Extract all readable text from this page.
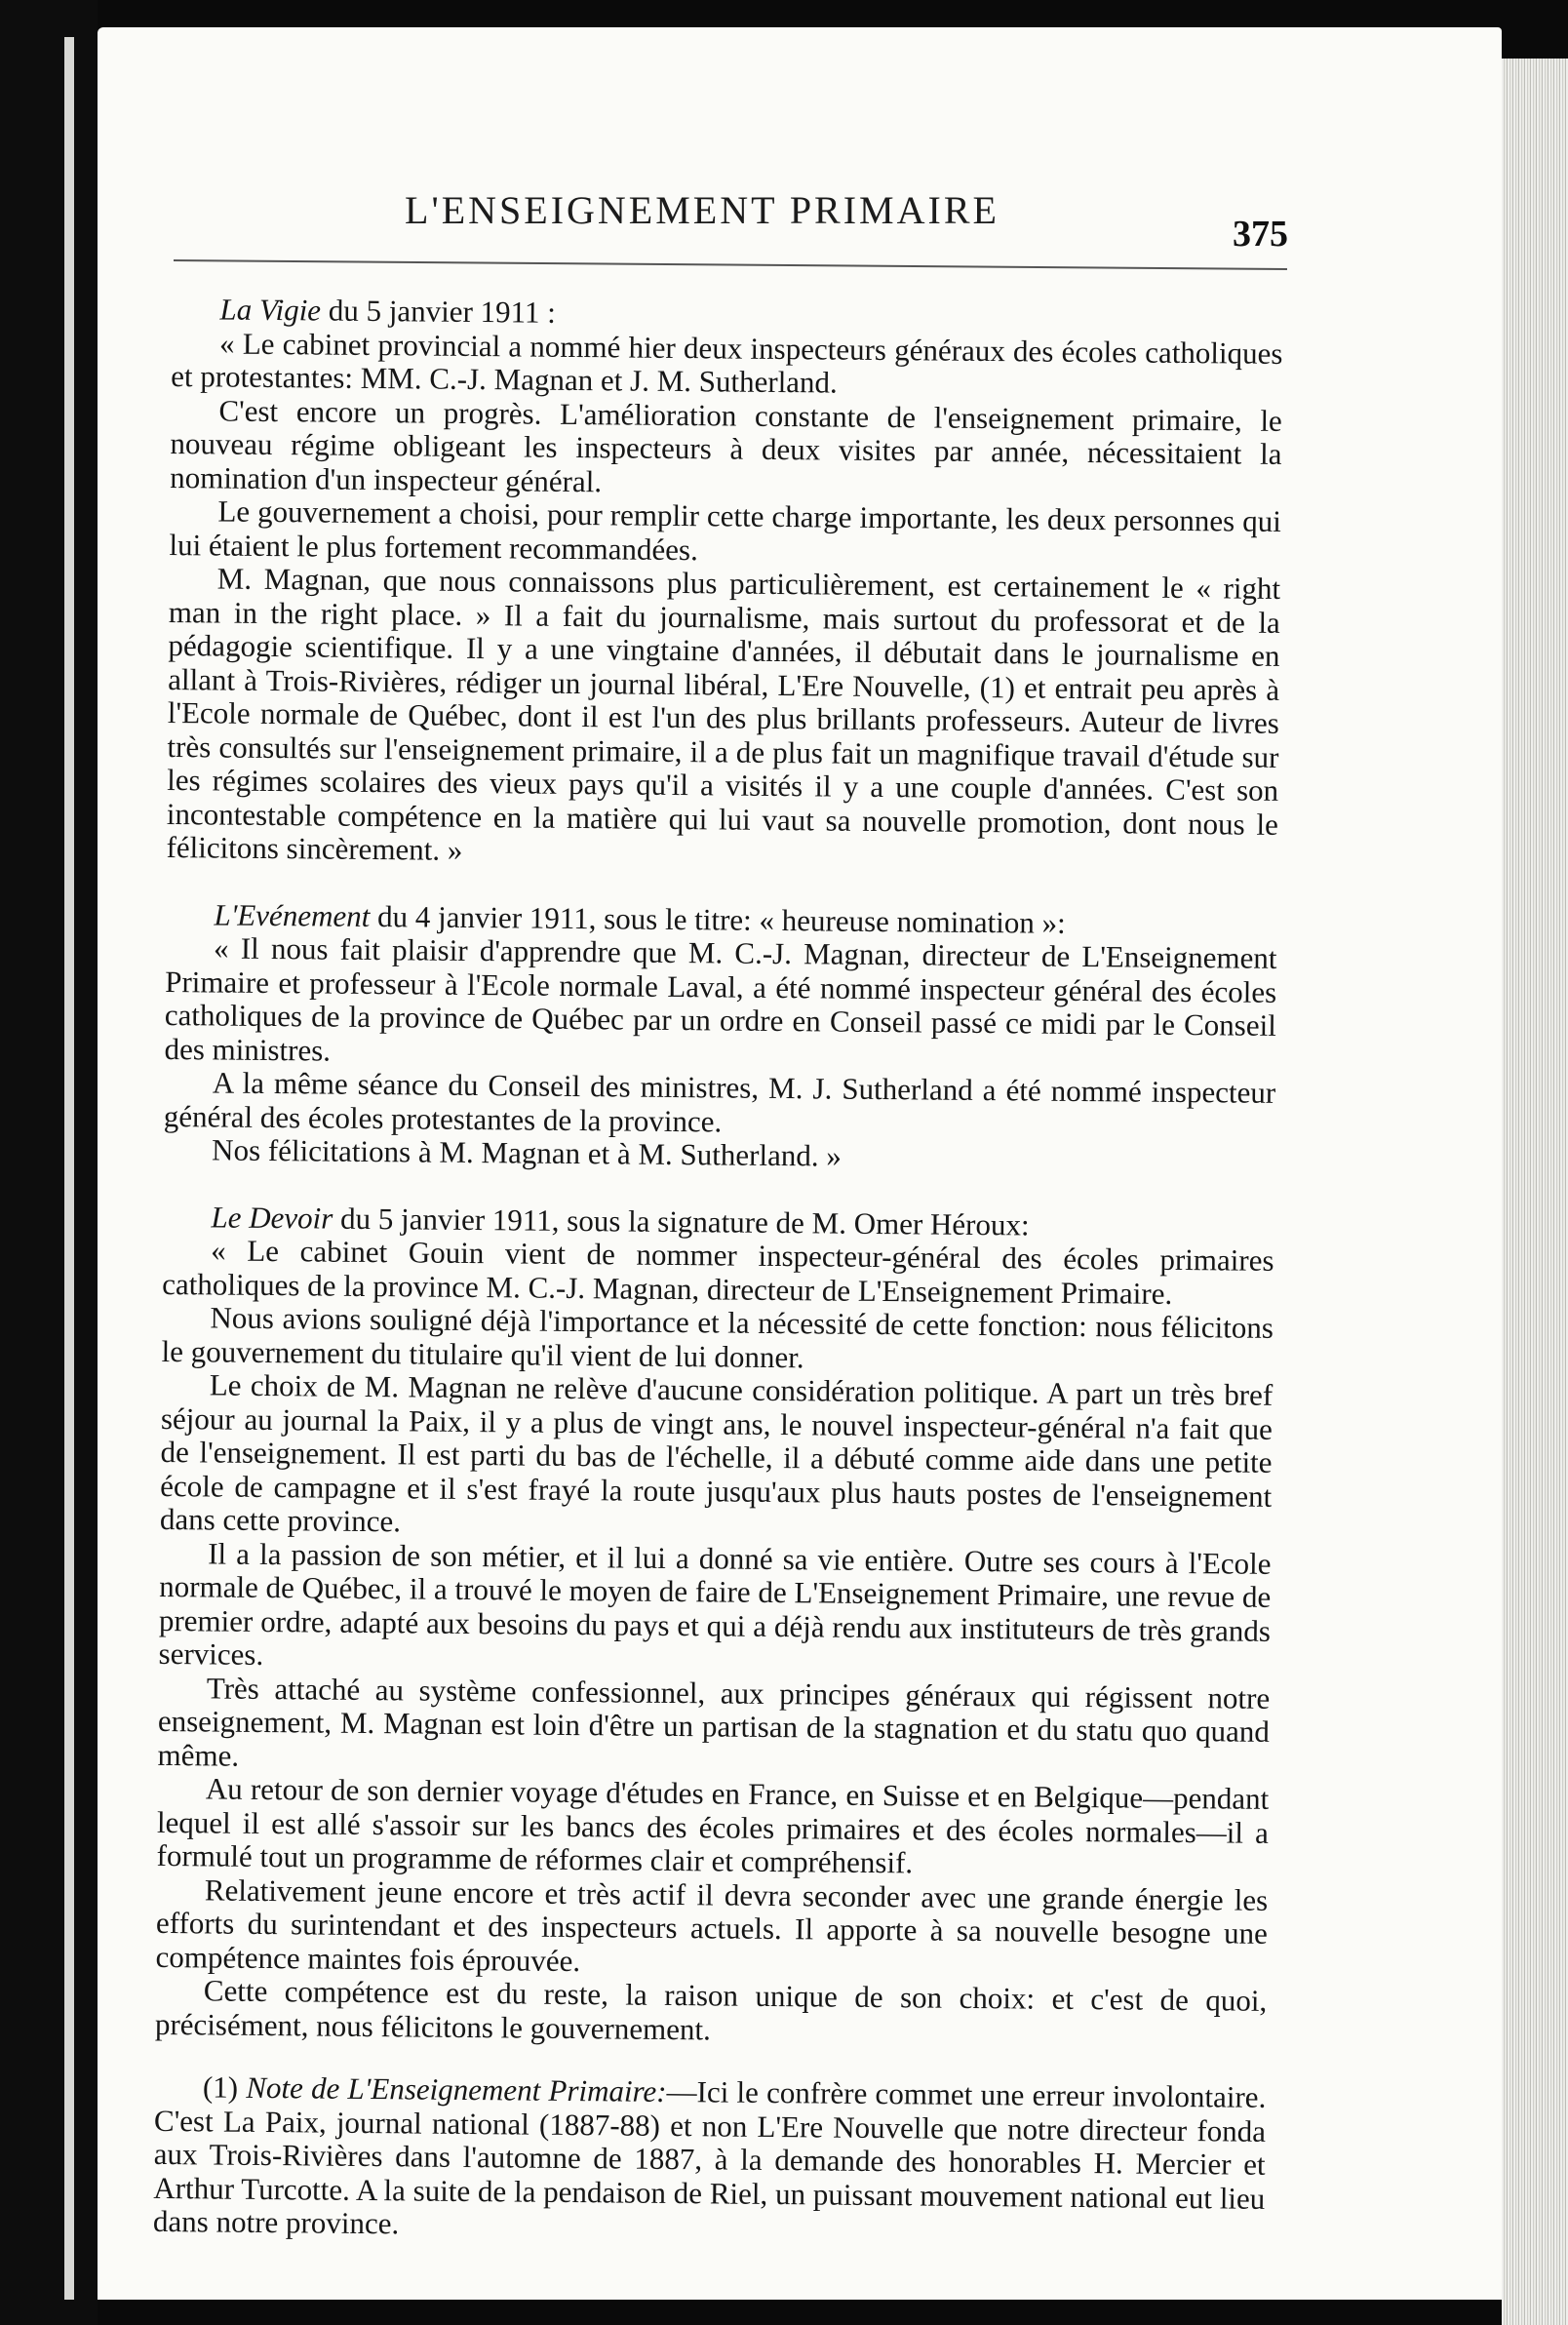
L'ENSEIGNEMENT PRIMAIRE
375

La Vigie du 5 janvier 1911 :

« Le cabinet provincial a nommé hier deux inspecteurs généraux des écoles catholiques et protestantes: MM. C.-J. Magnan et J. M. Sutherland.

C'est encore un progrès. L'amélioration constante de l'enseignement primaire, le nouveau régime obligeant les inspecteurs à deux visites par année, nécessitaient la nomination d'un inspecteur général.

Le gouvernement a choisi, pour remplir cette charge importante, les deux personnes qui lui étaient le plus fortement recommandées.

M. Magnan, que nous connaissons plus particulièrement, est certainement le « right man in the right place. » Il a fait du journalisme, mais surtout du professorat et de la pédagogie scientifique. Il y a une vingtaine d'années, il débutait dans le journalisme en allant à Trois-Rivières, rédiger un journal libéral, L'Ere Nouvelle, (1) et entrait peu après à l'Ecole normale de Québec, dont il est l'un des plus brillants professeurs. Auteur de livres très consultés sur l'enseignement primaire, il a de plus fait un magnifique travail d'étude sur les régimes scolaires des vieux pays qu'il a visités il y a une couple d'années. C'est son incontestable compétence en la matière qui lui vaut sa nouvelle promotion, dont nous le félicitons sincèrement. »

L'Evénement du 4 janvier 1911, sous le titre: « heureuse nomination »:

« Il nous fait plaisir d'apprendre que M. C.-J. Magnan, directeur de L'Enseignement Primaire et professeur à l'Ecole normale Laval, a été nommé inspecteur général des écoles catholiques de la province de Québec par un ordre en Conseil passé ce midi par le Conseil des ministres.

A la même séance du Conseil des ministres, M. J. Sutherland a été nommé inspecteur général des écoles protestantes de la province.

Nos félicitations à M. Magnan et à M. Sutherland. »

Le Devoir du 5 janvier 1911, sous la signature de M. Omer Héroux:

« Le cabinet Gouin vient de nommer inspecteur-général des écoles primaires catholiques de la province M. C.-J. Magnan, directeur de L'Enseignement Primaire.

Nous avions souligné déjà l'importance et la nécessité de cette fonction: nous félicitons le gouvernement du titulaire qu'il vient de lui donner.

Le choix de M. Magnan ne relève d'aucune considération politique. A part un très bref séjour au journal la Paix, il y a plus de vingt ans, le nouvel inspecteur-général n'a fait que de l'enseignement. Il est parti du bas de l'échelle, il a débuté comme aide dans une petite école de campagne et il s'est frayé la route jusqu'aux plus hauts postes de l'enseignement dans cette province.

Il a la passion de son métier, et il lui a donné sa vie entière. Outre ses cours à l'Ecole normale de Québec, il a trouvé le moyen de faire de L'Enseignement Primaire, une revue de premier ordre, adapté aux besoins du pays et qui a déjà rendu aux instituteurs de très grands services.

Très attaché au système confessionnel, aux principes généraux qui régissent notre enseignement, M. Magnan est loin d'être un partisan de la stagnation et du statu quo quand même.

Au retour de son dernier voyage d'études en France, en Suisse et en Belgique—pendant lequel il est allé s'assoir sur les bancs des écoles primaires et des écoles normales—il a formulé tout un programme de réformes clair et compréhensif.

Relativement jeune encore et très actif il devra seconder avec une grande énergie les efforts du surintendant et des inspecteurs actuels. Il apporte à sa nouvelle besogne une compétence maintes fois éprouvée.

Cette compétence est du reste, la raison unique de son choix: et c'est de quoi, précisément, nous félicitons le gouvernement.

(1) Note de L'Enseignement Primaire:—Ici le confrère commet une erreur involontaire. C'est La Paix, journal national (1887-88) et non L'Ere Nouvelle que notre directeur fonda aux Trois-Rivières dans l'automne de 1887, à la demande des honorables H. Mercier et Arthur Turcotte. A la suite de la pendaison de Riel, un puissant mouvement national eut lieu dans notre province.
